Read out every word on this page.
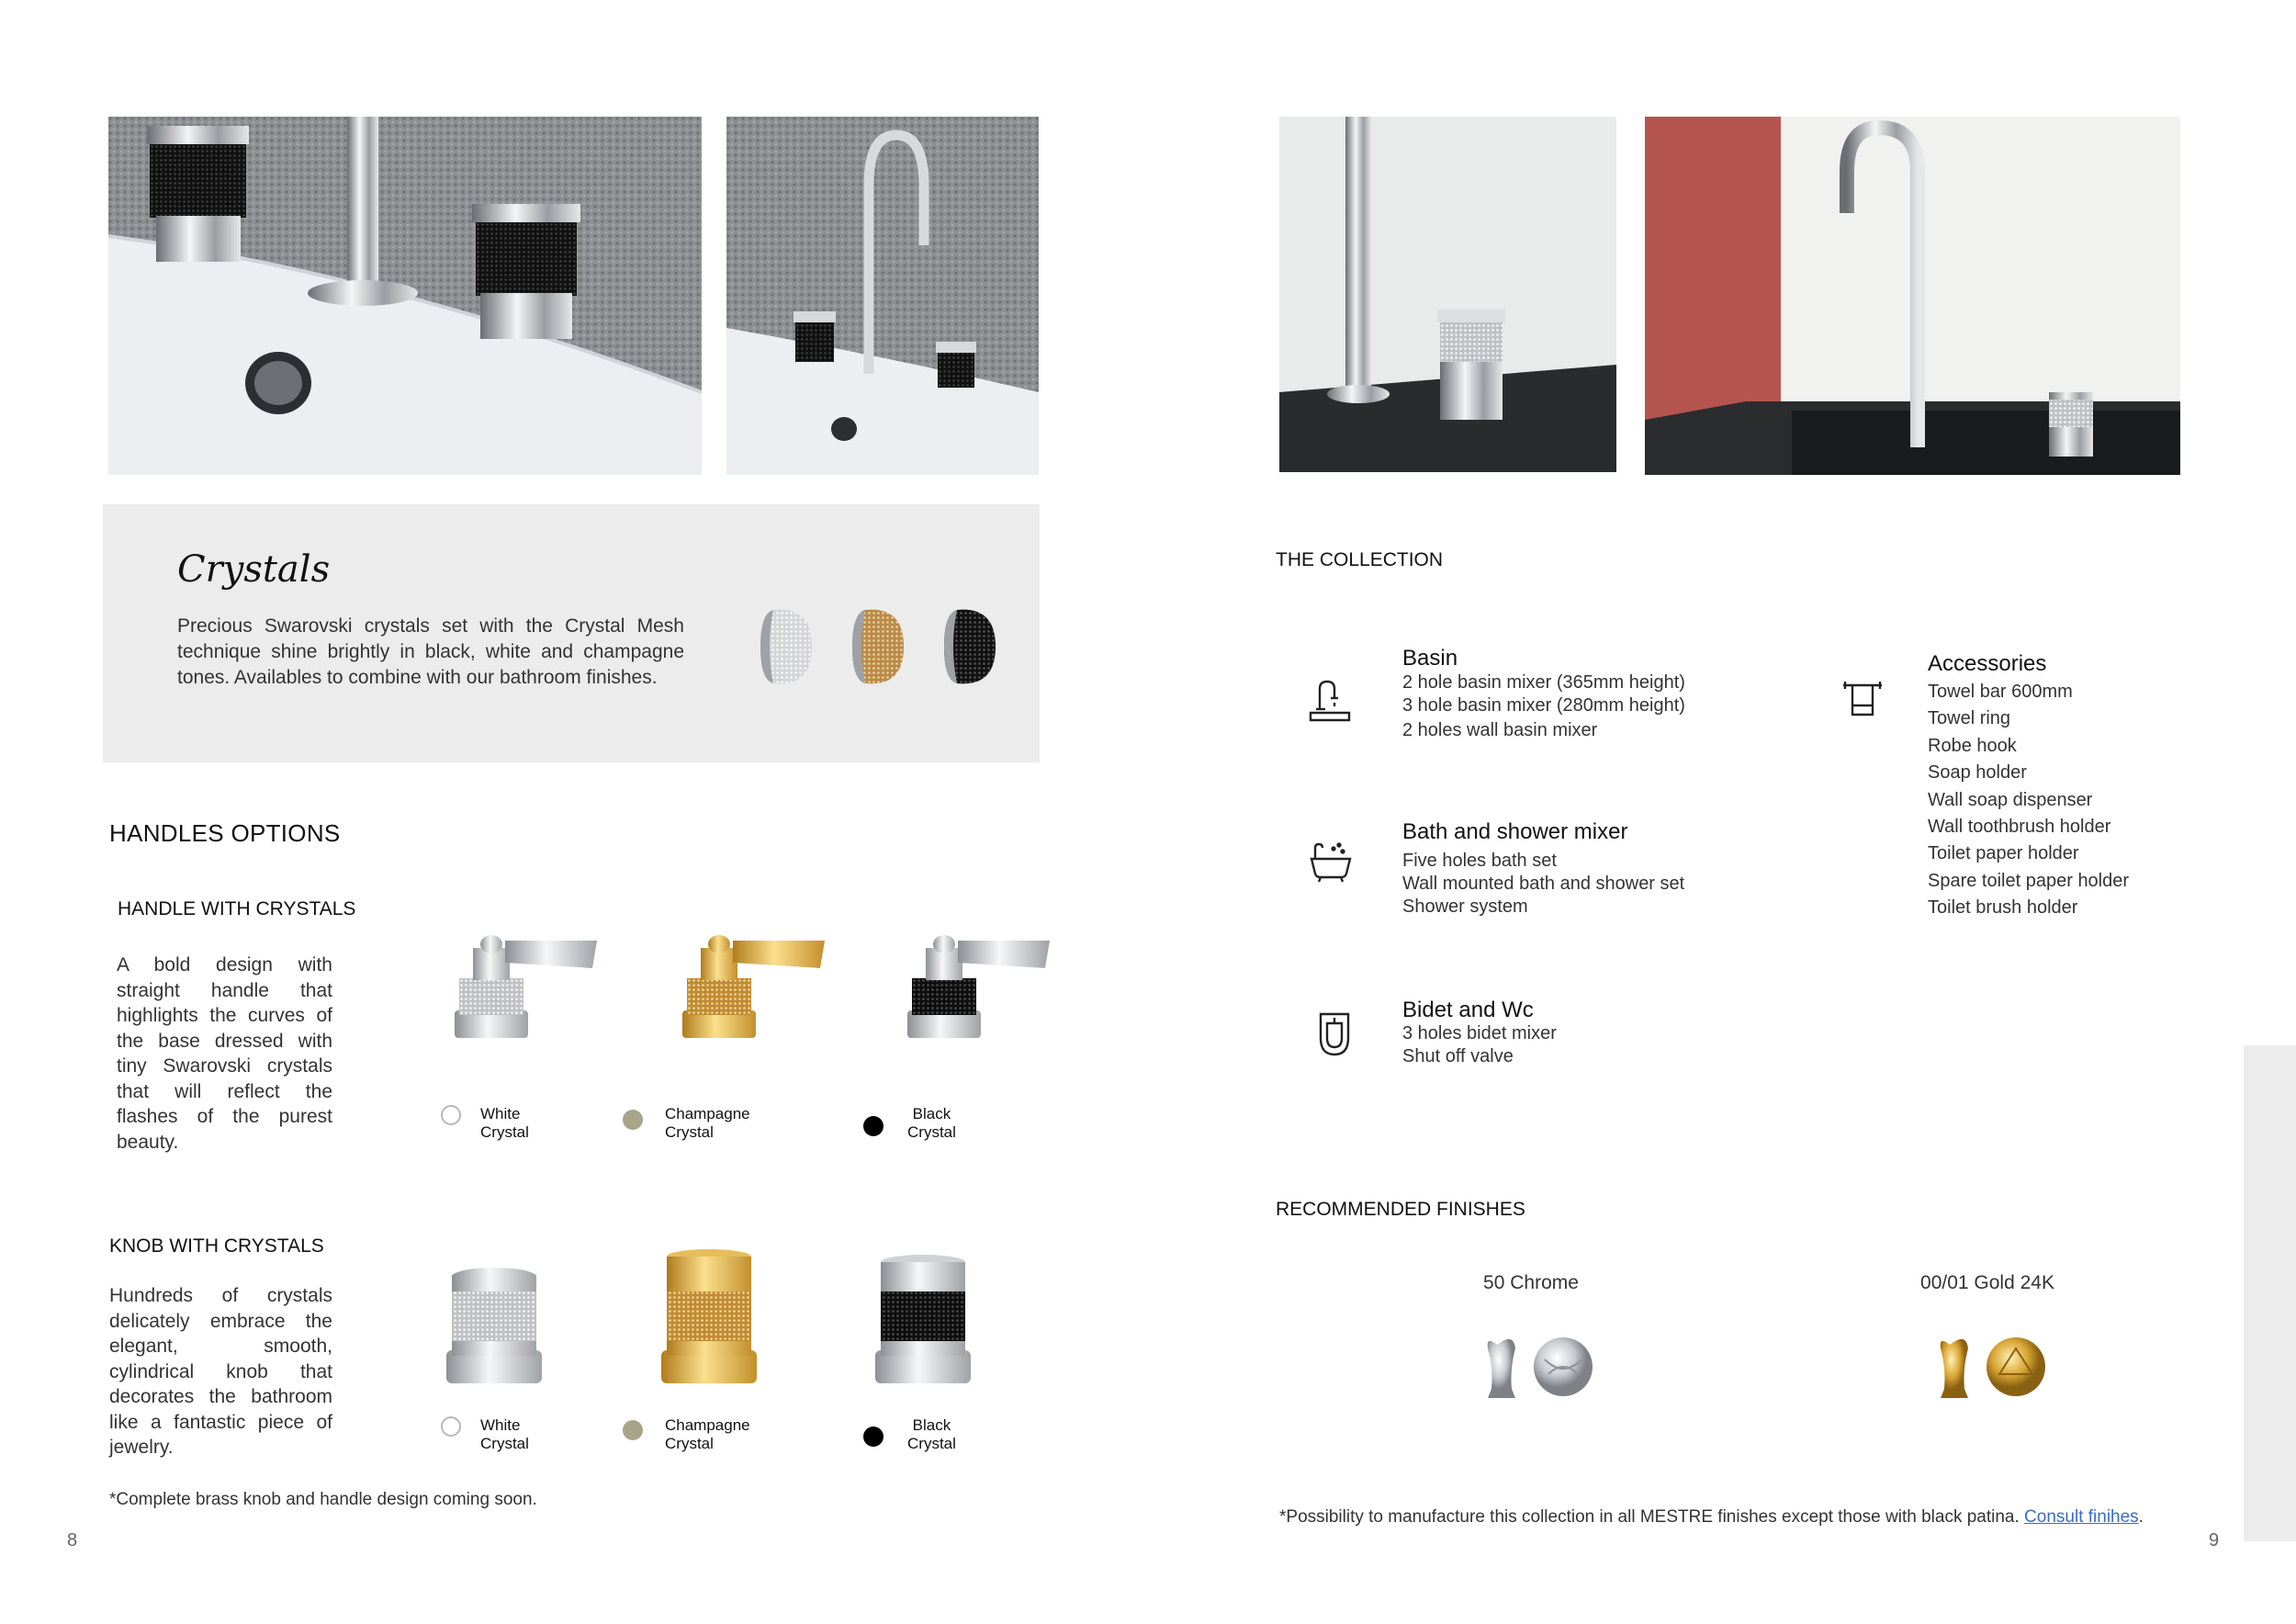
Crystals
Precious Swarovski crystals set with the Crystal Mesh technique shine brightly in black, white and champagne tones. Availables to combine with our bathroom finishes.
HANDLES OPTIONS
HANDLE WITH CRYSTALS
A bold design with straight handle that highlights the curves of the base dressed with tiny Swarovski crystals that will reflect the flashes of the purest beauty.
White
Crystal
Champagne
Crystal
Black
Crystal
KNOB WITH CRYSTALS
Hundreds of crystals delicately embrace the elegant, smooth, cylindrical knob that decorates the bathroom like a fantastic piece of jewelry.
White
Crystal
Champagne
Crystal
Black
Crystal
*Complete brass knob and handle design coming soon.
8
THE COLLECTION
Basin
2 hole basin mixer (365mm height)
3 hole basin mixer (280mm height)
2 holes wall basin mixer
Bath and shower mixer
Five holes bath set
Wall mounted bath and shower set
Shower system
Bidet and Wc
3 holes bidet mixer
Shut off valve
Accessories
Towel bar 600mm
Towel ring
Robe hook
Soap holder
Wall soap dispenser
Wall toothbrush holder
Toilet paper holder
Spare toilet paper holder
Toilet brush holder
RECOMMENDED FINISHES
50 Chrome	00/01 Gold 24K
*Possibility to manufacture this collection in all MESTRE finishes except those with black patina. Consult finihes.
9
